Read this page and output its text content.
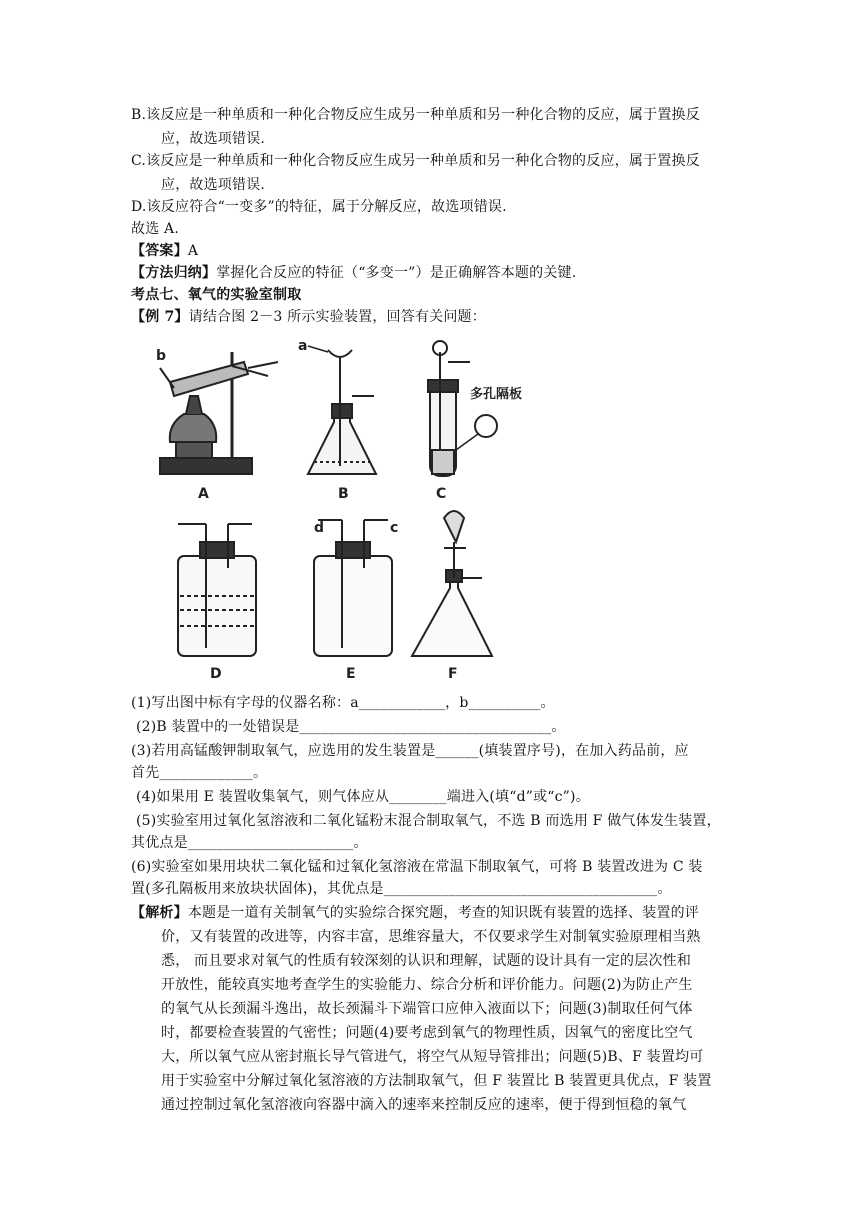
B.该反应是一种单质和一种化合物反应生成另一种单质和另一种化合物的反应，属于置换反
应，故选项错误.
C.该反应是一种单质和一种化合物反应生成另一种单质和另一种化合物的反应，属于置换反
应，故选项错误.
D.该反应符合“一变多”的特征，属于分解反应，故选项错误.
故选 A.
【答案】A
【方法归纳】掌握化合反应的特征（“多变一”）是正确解答本题的关键.
考点七、氧气的实验室制取
【例 7】请结合图 2－3 所示实验装置，回答有关问题：
A	B	C
D	E	F
b
a
d	c
多孔隔板
(1)写出图中标有字母的仪器名称：a____________，b__________。
(2)B 装置中的一处错误是___________________________________。
(3)若用高锰酸钾制取氧气，应选用的发生装置是______(填装置序号)，在加入药品前，应
首先_____________。
(4)如果用 E 装置收集氧气，则气体应从________端进入(填“d”或“c”)。
(5)实验室用过氧化氢溶液和二氧化锰粉末混合制取氧气，不选 B 而选用 F 做气体发生装置，
其优点是_______________________。
(6)实验室如果用块状二氧化锰和过氧化氢溶液在常温下制取氧气，可将 B 装置改进为 C 装
置(多孔隔板用来放块状固体)，其优点是______________________________________。
【解析】本题是一道有关制氧气的实验综合探究题，考查的知识既有装置的选择、装置的评
价，又有装置的改进等，内容丰富，思维容量大，不仅要求学生对制氧实验原理相当熟
悉， 而且要求对氧气的性质有较深刻的认识和理解，试题的设计具有一定的层次性和
开放性，能较真实地考查学生的实验能力、综合分析和评价能力。问题(2)为防止产生
的氧气从长颈漏斗逸出，故长颈漏斗下端管口应伸入液面以下；问题(3)制取任何气体
时，都要检查装置的气密性；问题(4)要考虑到氧气的物理性质，因氧气的密度比空气
大，所以氧气应从密封瓶长导气管进气，将空气从短导管排出；问题(5)B、F 装置均可
用于实验室中分解过氧化氢溶液的方法制取氧气，但 F 装置比 B 装置更具优点，F 装置
通过控制过氧化氢溶液向容器中滴入的速率来控制反应的速率，便于得到恒稳的氧气
